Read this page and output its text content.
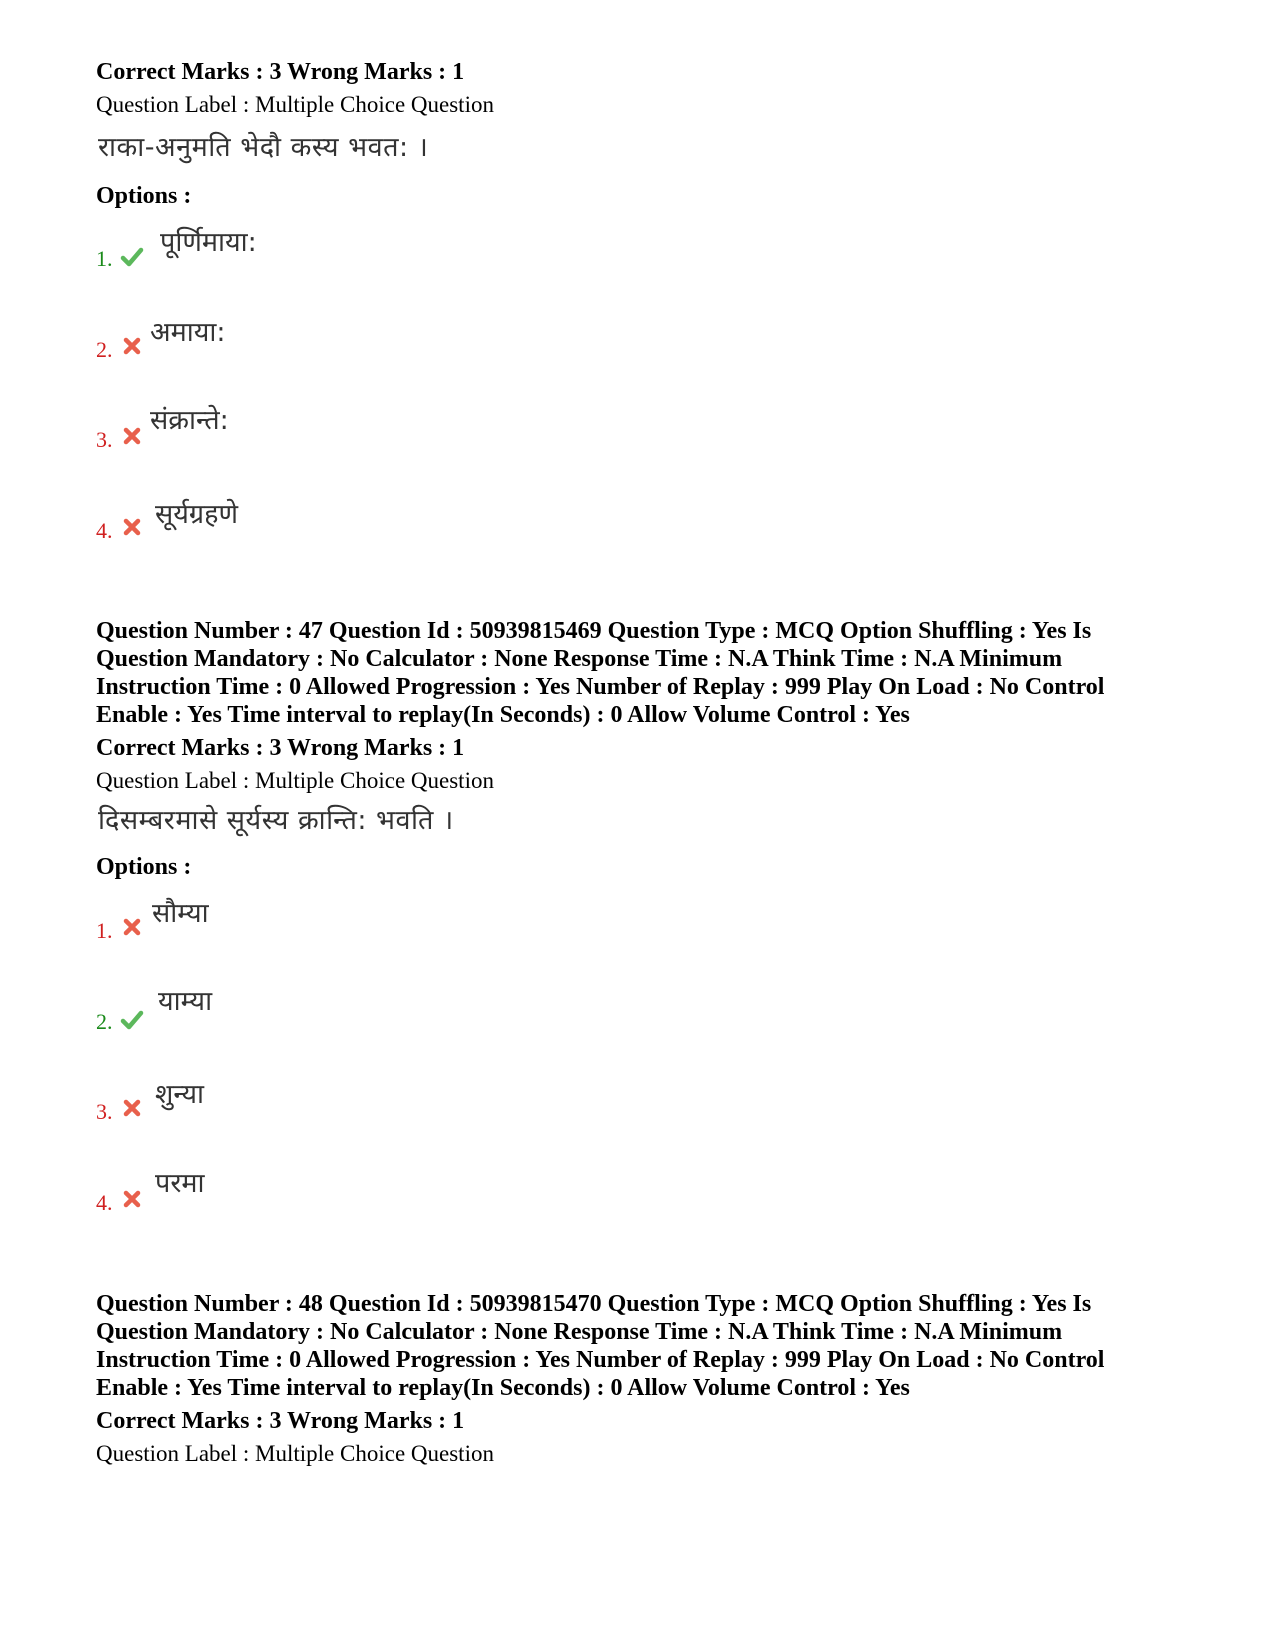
Correct Marks : 3 Wrong Marks : 1

Question Label : Multiple Choice Question

राका-अनुमति भेदौ कस्य भवत: ।

Options :

1.
पूर्णिमाया:
2.
अमाया:
3.
संक्रान्ते:
4.
सूर्यग्रहणे

Question Number : 47 Question Id : 50939815469 Question Type : MCQ Option Shuffling : Yes Is

Question Mandatory : No Calculator : None Response Time : N.A Think Time : N.A Minimum

Instruction Time : 0 Allowed Progression : Yes Number of Replay : 999 Play On Load : No Control

Enable : Yes Time interval to replay(In Seconds) : 0 Allow Volume Control : Yes

Correct Marks : 3 Wrong Marks : 1

Question Label : Multiple Choice Question

दिसम्बरमासे सूर्यस्य क्रान्ति: भवति ।

Options :

1.
सौम्या
2.
याम्या
3.
शुन्या
4.
परमा

Question Number : 48 Question Id : 50939815470 Question Type : MCQ Option Shuffling : Yes Is

Question Mandatory : No Calculator : None Response Time : N.A Think Time : N.A Minimum

Instruction Time : 0 Allowed Progression : Yes Number of Replay : 999 Play On Load : No Control

Enable : Yes Time interval to replay(In Seconds) : 0 Allow Volume Control : Yes

Correct Marks : 3 Wrong Marks : 1

Question Label : Multiple Choice Question
